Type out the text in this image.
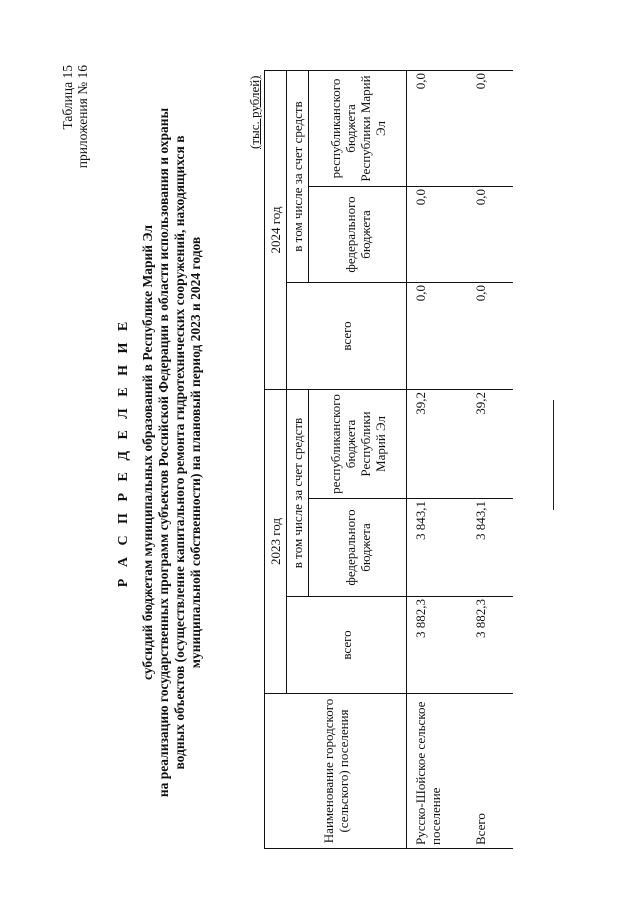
Таблица 15 приложения № 16
Р А С П Р Е Д Е Л Е Н И Е субсидий бюджетам муниципальных образований в Республике Марий Эл на реализацию государственных программ субъектов Российской Федерации в области использования и охраны водных объектов (осуществление капитального ремонта гидротехнических сооружений, находящихся в муниципальной собственности) на плановый период 2023 и 2024 годов
(тыс. рублей)
Наименование городского (сельского) поселения	2023 год			2024 год		
	всего	в том числе за счет средств		всего	в том числе за счет средств	
		федерального бюджета	республиканского бюджета Республики Марий Эл		федерального бюджета	республиканского бюджета Республики Марий Эл
Русско-Шойское сельское поселение	3 882,3	3 843,1	39,2	0,0	0,0	0,0
Всего	3 882,3	3 843,1	39,2	0,0	0,0	0,0
